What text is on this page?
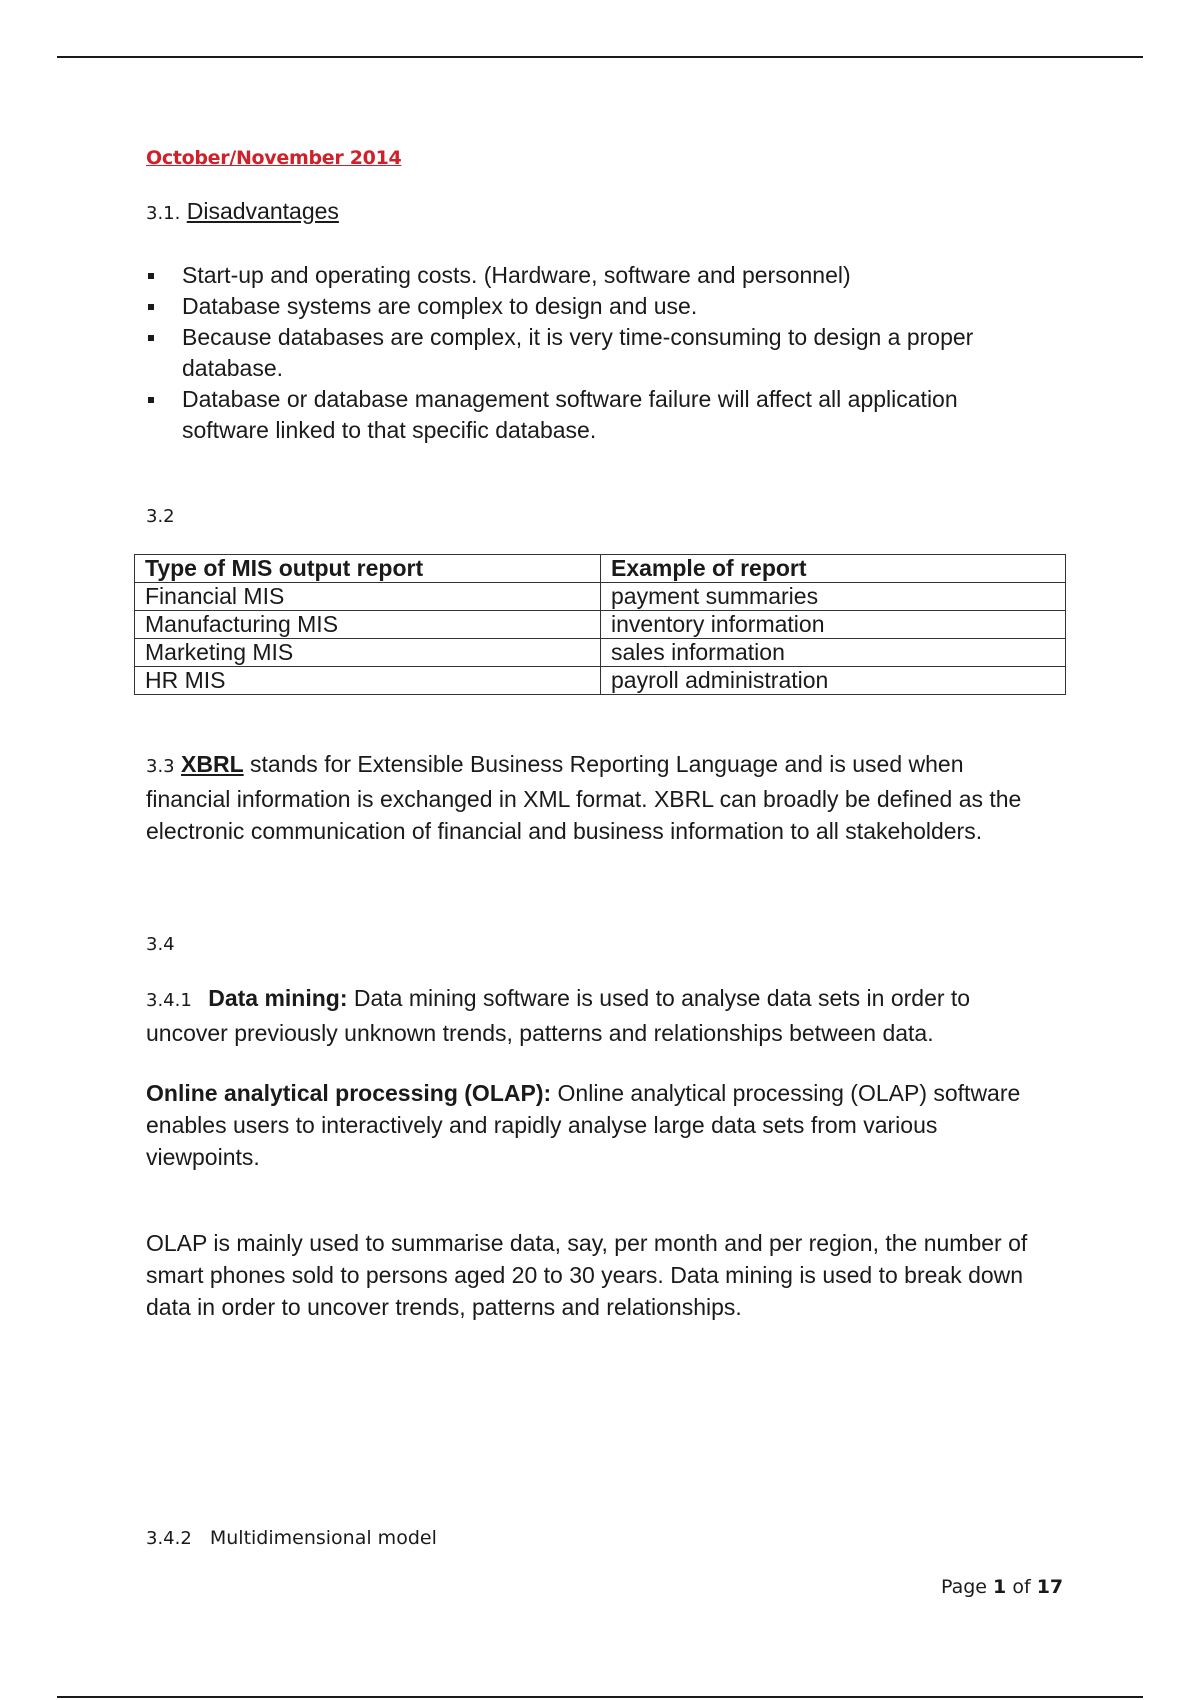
October/November 2014
3.1. Disadvantages
Start-up and operating costs. (Hardware, software and personnel)
Database systems are complex to design and use.
Because databases are complex, it is very time-consuming to design a proper database.
Database or database management software failure will affect all application software linked to that specific database.
3.2
Type of MIS output report	Example of report
Financial MIS	payment summaries
Manufacturing MIS	inventory information
Marketing MIS	sales information
HR MIS	payroll administration
3.3 XBRL stands for Extensible Business Reporting Language and is used when financial information is exchanged in XML format. XBRL can broadly be defined as the electronic communication of financial and business information to all stakeholders.
3.4
3.4.1 Data mining: Data mining software is used to analyse data sets in order to uncover previously unknown trends, patterns and relationships between data.
Online analytical processing (OLAP): Online analytical processing (OLAP) software enables users to interactively and rapidly analyse large data sets from various viewpoints.
OLAP is mainly used to summarise data, say, per month and per region, the number of smart phones sold to persons aged 20 to 30 years. Data mining is used to break down data in order to uncover trends, patterns and relationships.
3.4.2 Multidimensional model
Page 1 of 17
